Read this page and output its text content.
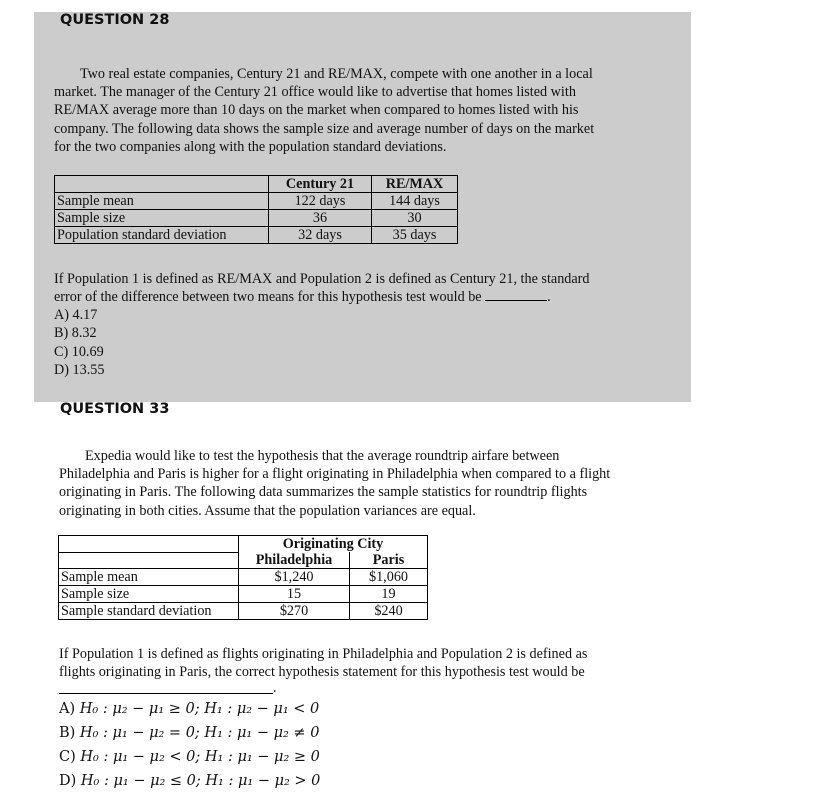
QUESTION 28
Two real estate companies, Century 21 and RE/MAX, compete with one another in a local
market. The manager of the Century 21 office would like to advertise that homes listed with
RE/MAX average more than 10 days on the market when compared to homes listed with his
company. The following data shows the sample size and average number of days on the market
for the two companies along with the population standard deviations.
	Century 21	RE/MAX
Sample mean	122 days	144 days
Sample size	36	30
Population standard deviation	32 days	35 days
If Population 1 is defined as RE/MAX and Population 2 is defined as Century 21, the standard
error of the difference between two means for this hypothesis test would be	.
A) 4.17
B) 8.32
C) 10.69
D) 13.55
QUESTION 33
Expedia would like to test the hypothesis that the average roundtrip airfare between
Philadelphia and Paris is higher for a flight originating in Philadelphia when compared to a flight
originating in Paris. The following data summarizes the sample statistics for roundtrip flights
originating in both cities. Assume that the population variances are equal.
	Originating City	
	Philadelphia	Paris
Sample mean	$1,240	$1,060
Sample size	15	19
Sample standard deviation	$270	$240
If Population 1 is defined as flights originating in Philadelphia and Population 2 is defined as
flights originating in Paris, the correct hypothesis statement for this hypothesis test would be
.
A) H₀ : μ₂ − μ₁ ≥ 0; H₁ : μ₂ − μ₁ < 0
B) H₀ : μ₁ − μ₂ = 0; H₁ : μ₁ − μ₂ ≠ 0
C) H₀ : μ₁ − μ₂ < 0; H₁ : μ₁ − μ₂ ≥ 0
D) H₀ : μ₁ − μ₂ ≤ 0; H₁ : μ₁ − μ₂ > 0
